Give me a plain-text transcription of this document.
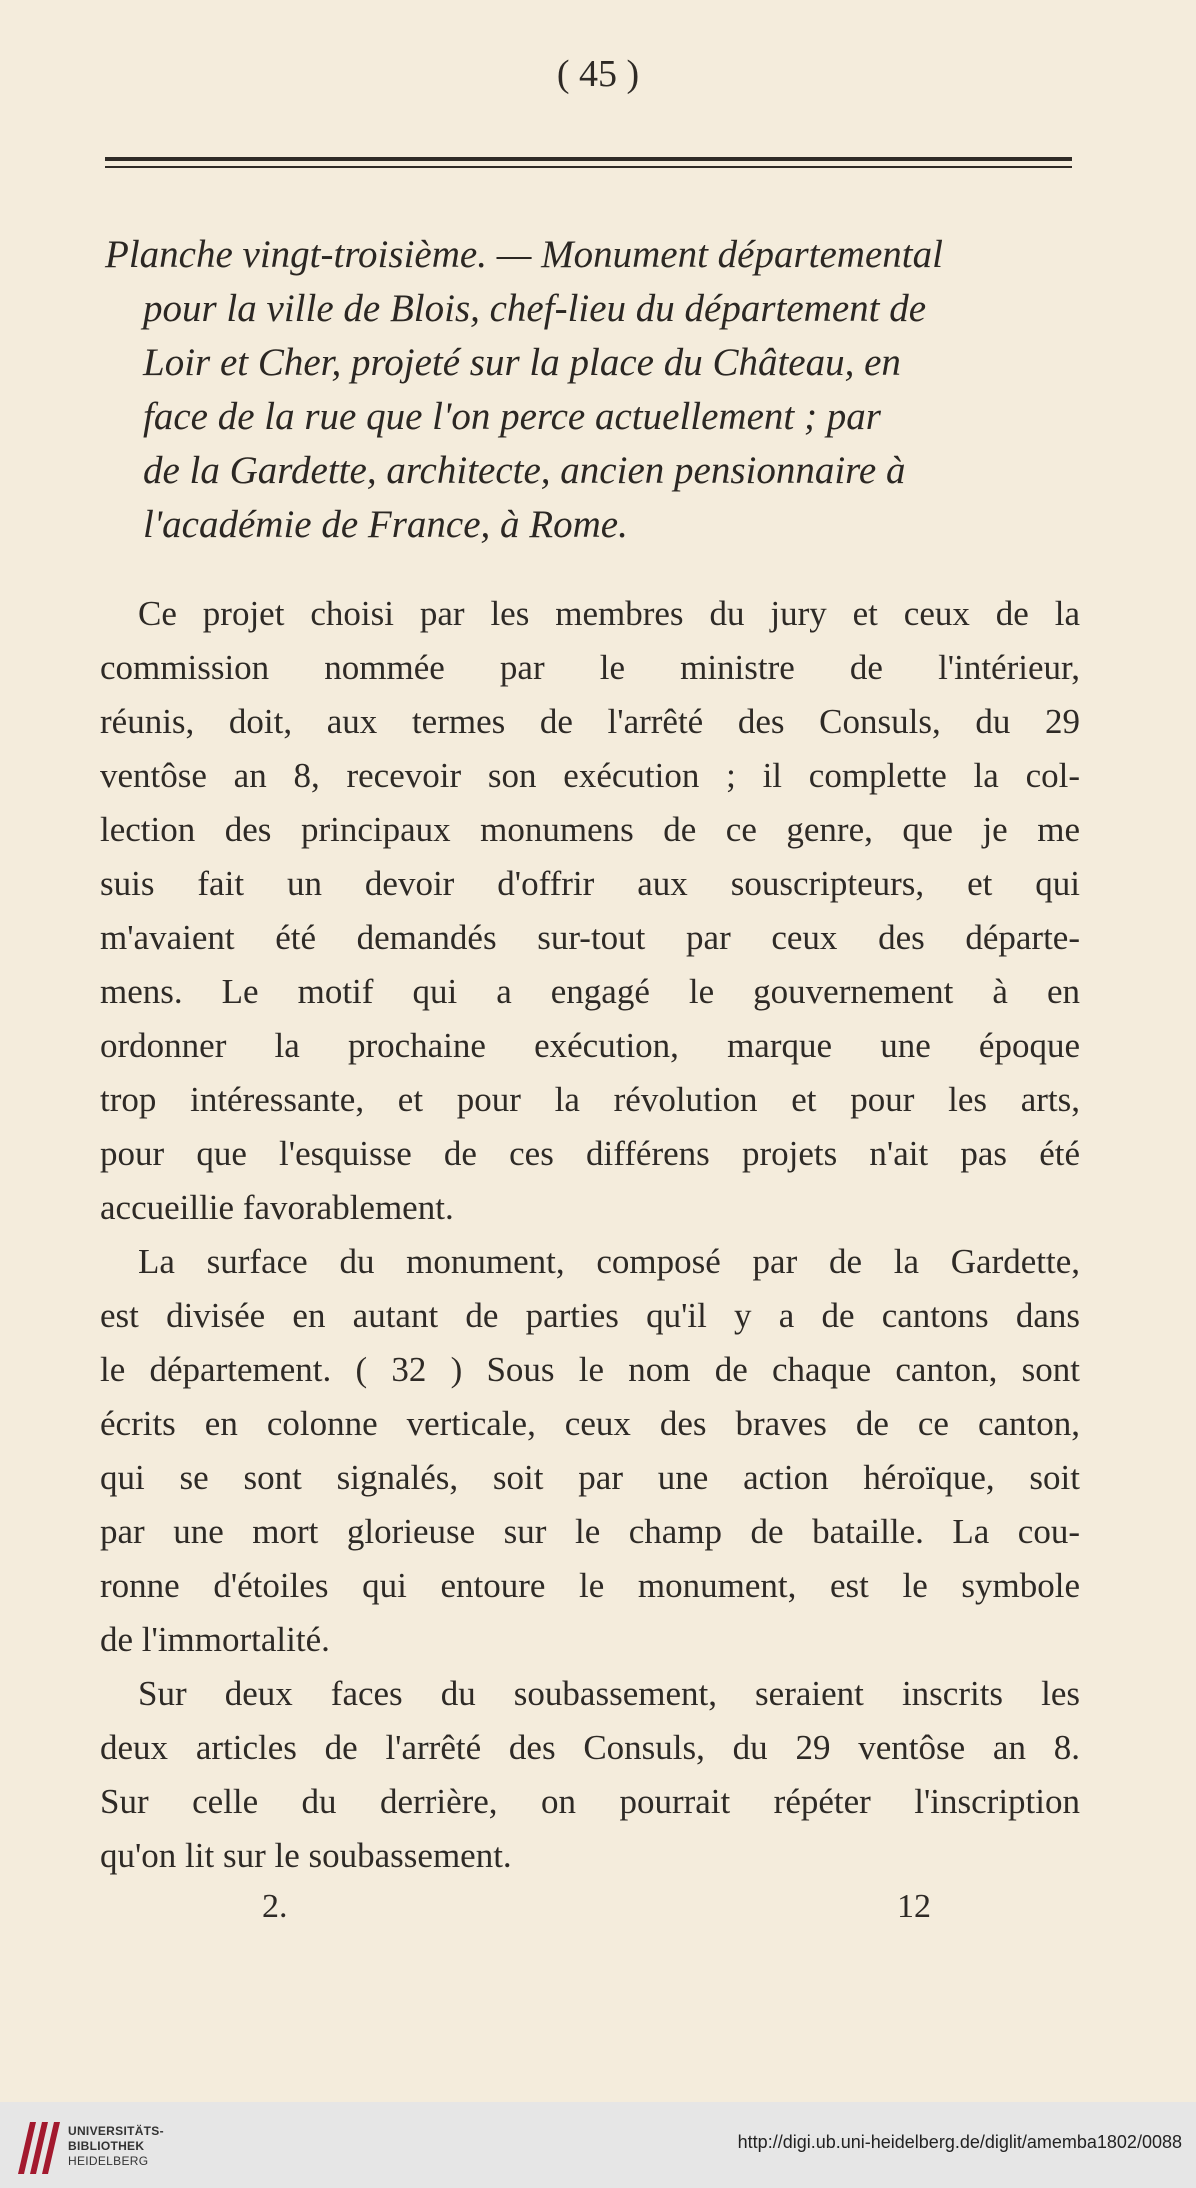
( 45 )
Planche vingt-troisième. — Monument départemental
pour la ville de Blois, chef-lieu du département de
Loir et Cher, projeté sur la place du Château, en
face de la rue que l'on perce actuellement ; par
de la Gardette, architecte, ancien pensionnaire à
l'académie de France, à Rome.
Ce projet choisi par les membres du jury et ceux de la
commission nommée par le ministre de l'intérieur,
réunis, doit, aux termes de l'arrêté des Consuls, du 29
ventôse an 8, recevoir son exécution ; il complette la col-
lection des principaux monumens de ce genre, que je me
suis fait un devoir d'offrir aux souscripteurs, et qui
m'avaient été demandés sur-tout par ceux des départe-
mens. Le motif qui a engagé le gouvernement à en
ordonner la prochaine exécution, marque une époque
trop intéressante, et pour la révolution et pour les arts,
pour que l'esquisse de ces différens projets n'ait pas été
accueillie favorablement.
La surface du monument, composé par de la Gardette,
est divisée en autant de parties qu'il y a de cantons dans
le département. ( 32 ) Sous le nom de chaque canton, sont
écrits en colonne verticale, ceux des braves de ce canton,
qui se sont signalés, soit par une action héroïque, soit
par une mort glorieuse sur le champ de bataille. La cou-
ronne d'étoiles qui entoure le monument, est le symbole
de l'immortalité.
Sur deux faces du soubassement, seraient inscrits les
deux articles de l'arrêté des Consuls, du 29 ventôse an 8.
Sur celle du derrière, on pourrait répéter l'inscription
qu'on lit sur le soubassement.
2.	12
UNIVERSITÄTS-
BIBLIOTHEK
HEIDELBERG
http://digi.ub.uni-heidelberg.de/diglit/amemba1802/0088
